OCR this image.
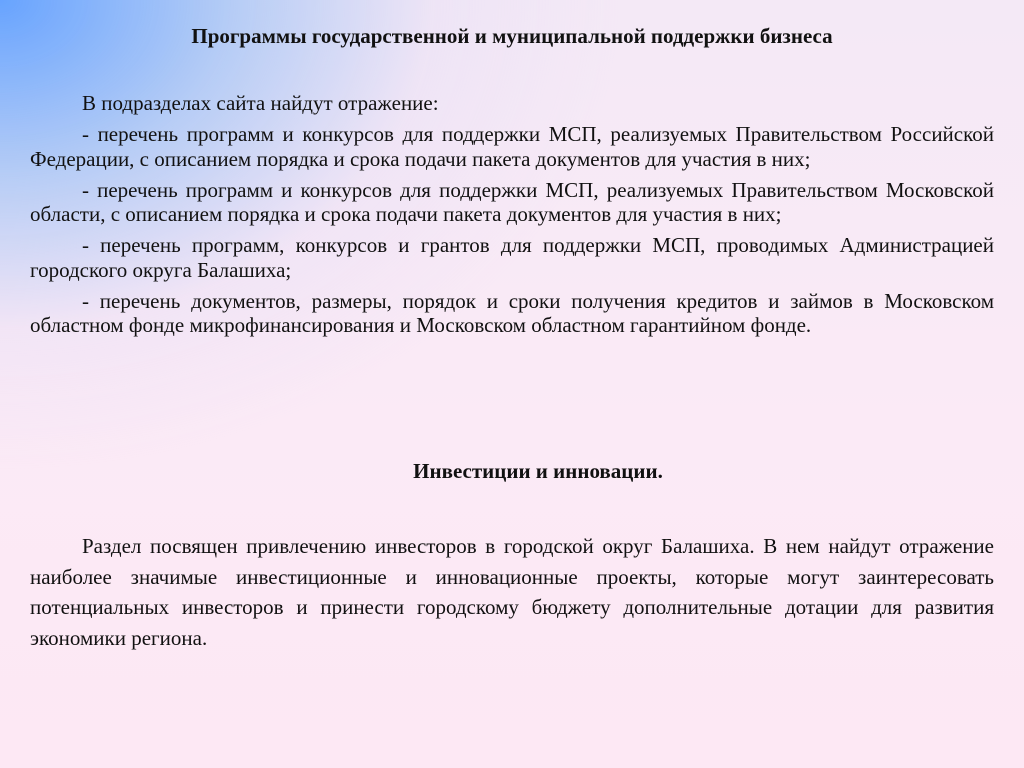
Программы государственной и муниципальной поддержки бизнеса

В подразделах сайта найдут отражение:

- перечень программ и конкурсов для поддержки МСП, реализуемых Правительством Российской Федерации, с описанием порядка и срока подачи пакета документов для участия в них;

- перечень программ и конкурсов для поддержки МСП, реализуемых Правительством Московской области, с описанием порядка и срока подачи пакета документов для участия в них;

- перечень программ, конкурсов и грантов для поддержки МСП, проводимых Администрацией городского округа Балашиха;

- перечень документов, размеры, порядок и сроки получения кредитов и займов в Московском областном фонде микрофинансирования и Московском областном гарантийном фонде.

Инвестиции и инновации.

Раздел посвящен привлечению инвесторов в городской округ Балашиха. В нем найдут отражение наиболее значимые инвестиционные и инновационные проекты, которые могут заинтересовать потенциальных инвесторов и принести городскому бюджету дополнительные дотации для развития экономики региона.
